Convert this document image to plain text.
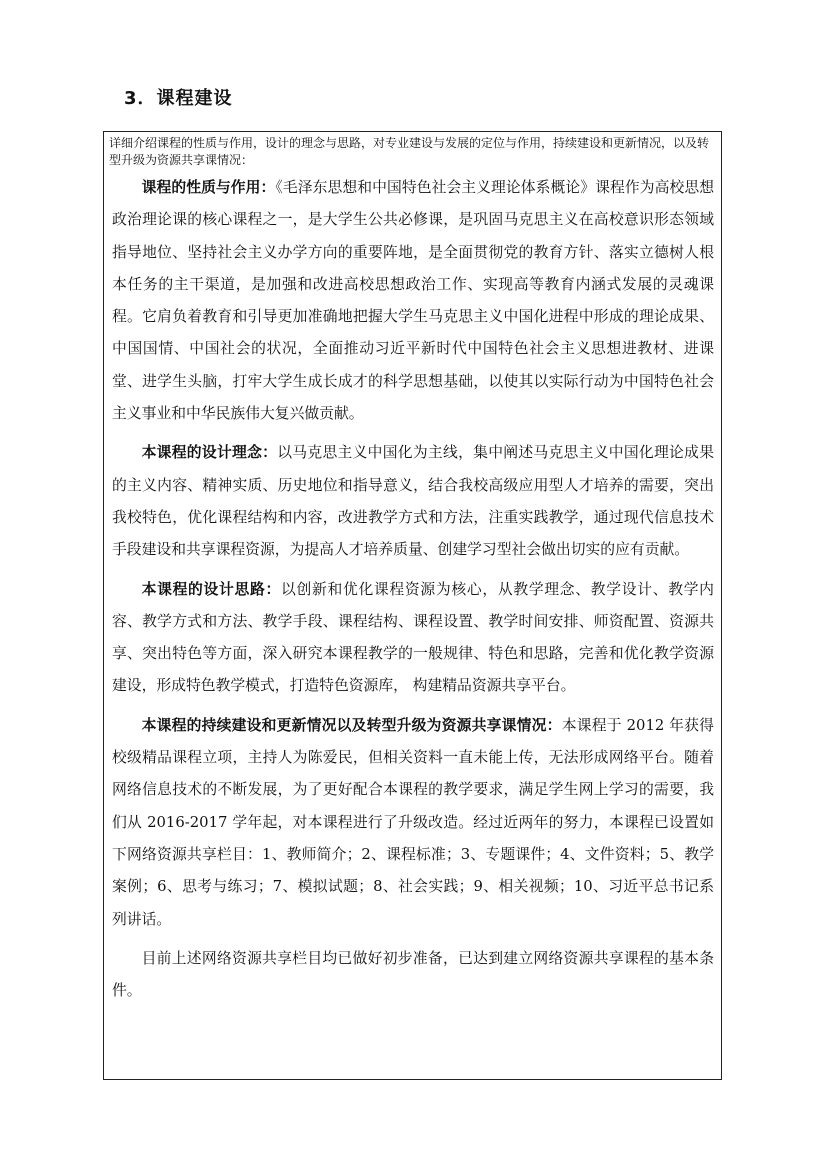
3．课程建设

详细介绍课程的性质与作用，设计的理念与思路，对专业建设与发展的定位与作用，持续建设和更新情况，以及转型升级为资源共享课情况：

课程的性质与作用：《毛泽东思想和中国特色社会主义理论体系概论》课程作为高校思想政治理论课的核心课程之一，是大学生公共必修课，是巩固马克思主义在高校意识形态领域指导地位、坚持社会主义办学方向的重要阵地，是全面贯彻党的教育方针、落实立德树人根本任务的主干渠道，是加强和改进高校思想政治工作、实现高等教育内涵式发展的灵魂课程。它肩负着教育和引导更加准确地把握大学生马克思主义中国化进程中形成的理论成果、中国国情、中国社会的状况，全面推动习近平新时代中国特色社会主义思想进教材、进课堂、进学生头脑，打牢大学生成长成才的科学思想基础，以使其以实际行动为中国特色社会主义事业和中华民族伟大复兴做贡献。

本课程的设计理念：以马克思主义中国化为主线，集中阐述马克思主义中国化理论成果的主义内容、精神实质、历史地位和指导意义，结合我校高级应用型人才培养的需要，突出我校特色，优化课程结构和内容，改进教学方式和方法，注重实践教学，通过现代信息技术手段建设和共享课程资源，为提高人才培养质量、创建学习型社会做出切实的应有贡献。

本课程的设计思路：以创新和优化课程资源为核心，从教学理念、教学设计、教学内容、教学方式和方法、教学手段、课程结构、课程设置、教学时间安排、师资配置、资源共享、突出特色等方面，深入研究本课程教学的一般规律、特色和思路，完善和优化教学资源建设，形成特色教学模式，打造特色资源库， 构建精品资源共享平台。

本课程的持续建设和更新情况以及转型升级为资源共享课情况：本课程于 2012 年获得校级精品课程立项，主持人为陈爱民，但相关资料一直未能上传，无法形成网络平台。随着网络信息技术的不断发展，为了更好配合本课程的教学要求，满足学生网上学习的需要，我们从 2016-2017 学年起，对本课程进行了升级改造。经过近两年的努力，本课程已设置如下网络资源共享栏目：1、教师简介；2、课程标准；3、专题课件；4、文件资料；5、教学案例；6、思考与练习；7、模拟试题；8、社会实践；9、相关视频；10、习近平总书记系列讲话。

目前上述网络资源共享栏目均已做好初步准备，已达到建立网络资源共享课程的基本条件。
